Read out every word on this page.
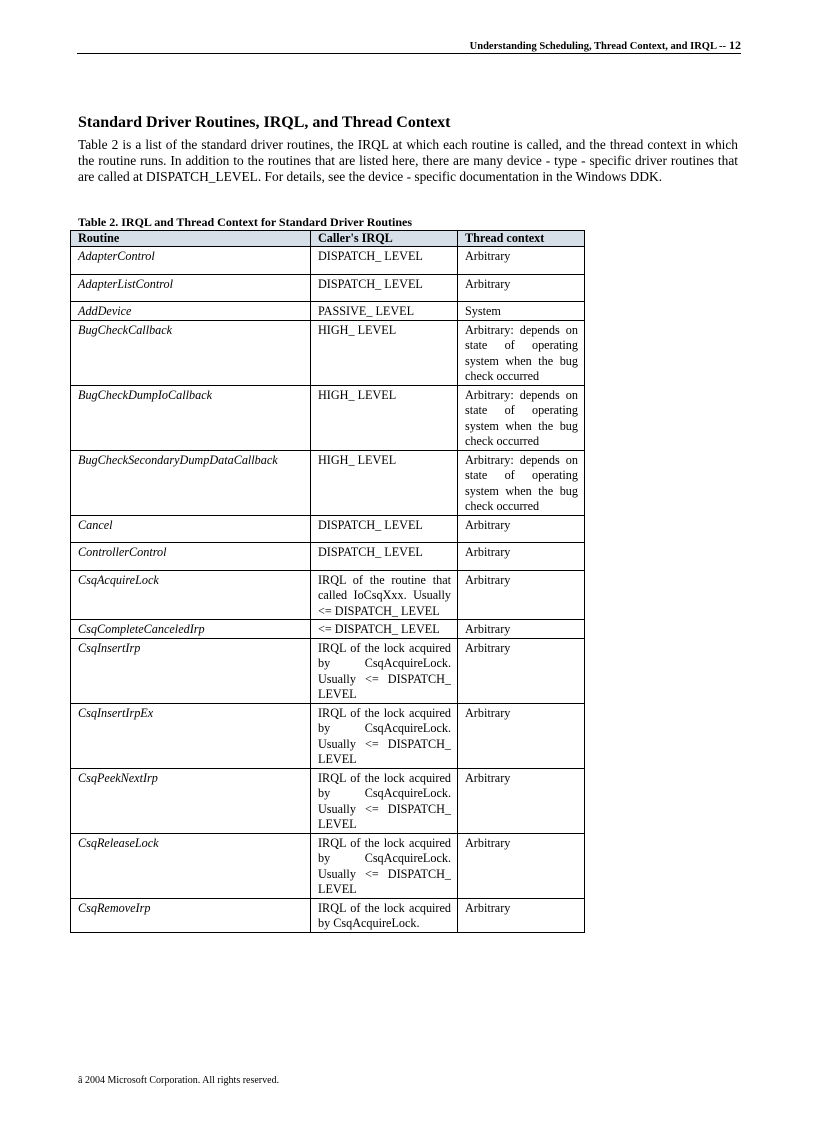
Understanding Scheduling, Thread Context, and IRQL -- 12
Standard Driver Routines, IRQL, and Thread Context

Table 2 is a list of the standard driver routines, the IRQL at which each routine is called, and the thread context in which the routine runs. In addition to the routines that are listed here, there are many device - type - specific driver routines that are called at DISPATCH_LEVEL. For details, see the device - specific documentation in the Windows DDK.

Table 2. IRQL and Thread Context for Standard Driver Routines

Routine	Caller's IRQL	Thread context

AdapterControl	DISPATCH_ LEVEL	Arbitrary

AdapterListControl	DISPATCH_ LEVEL	Arbitrary

AddDevice	PASSIVE_ LEVEL	System

BugCheckCallback	HIGH_ LEVEL	Arbitrary: depends on state of operating system when the bug check occurred

BugCheckDumpIoCallback	HIGH_ LEVEL	Arbitrary: depends on state of operating system when the bug check occurred

BugCheckSecondaryDumpDataCallback	HIGH_ LEVEL	Arbitrary: depends on state of operating system when the bug check occurred

Cancel	DISPATCH_ LEVEL	Arbitrary

ControllerControl	DISPATCH_ LEVEL	Arbitrary

CsqAcquireLock	IRQL of the routine that called IoCsqXxx. Usually <= DISPATCH_ LEVEL	Arbitrary

CsqCompleteCanceledIrp	<= DISPATCH_ LEVEL	Arbitrary

CsqInsertIrp	IRQL of the lock acquired by CsqAcquireLock. Usually <= DISPATCH_ LEVEL	Arbitrary

CsqInsertIrpEx	IRQL of the lock acquired by CsqAcquireLock. Usually <= DISPATCH_ LEVEL	Arbitrary

CsqPeekNextIrp	IRQL of the lock acquired by CsqAcquireLock. Usually <= DISPATCH_ LEVEL	Arbitrary

CsqReleaseLock	IRQL of the lock acquired by CsqAcquireLock. Usually <= DISPATCH_ LEVEL	Arbitrary

CsqRemoveIrp	IRQL of the lock acquired by CsqAcquireLock.	Arbitrary

â 2004 Microsoft Corporation. All rights reserved.
